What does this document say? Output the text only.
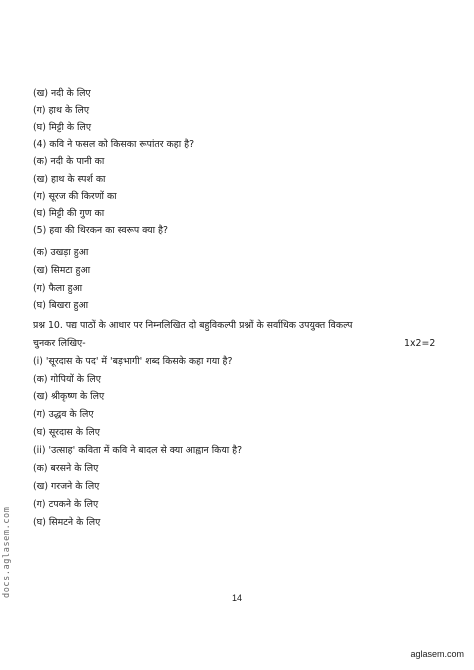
(ख) नदी के लिए
(ग) हाथ के लिए
(घ) मिट्टी के लिए
(4) कवि ने फसल को किसका रूपांतर कहा है?
(क) नदी के पानी का
(ख) हाथ के स्पर्श का
(ग) सूरज की किरणों का
(घ) मिट्टी की गुण का
(5) हवा की थिरकन का स्वरूप क्या है?
(क) उखड़ा हुआ
(ख) सिमटा हुआ
(ग) फैला हुआ
(घ) बिखरा हुआ
प्रश्न 10. पद्य पाठों के आधार पर निम्नलिखित दो बहुविकल्पी प्रश्नों के सर्वाधिक उपयुक्त विकल्प
चुनकर लिखिए-	1x2=2
(i) 'सूरदास के पद' में 'बड़भागी' शब्द किसके कहा गया है?
(क) गोपियों के लिए
(ख) श्रीकृष्ण के लिए
(ग) उद्धव के लिए
(घ) सूरदास के लिए
(ii) 'उत्साह' कविता में कवि ने बादल से क्या आह्वान किया है?
(क) बरसने के लिए
(ख) गरजने के लिए
(ग) टपकने के लिए
(घ) सिमटने के लिए
14
aglasem.com
docs.aglasem.com
